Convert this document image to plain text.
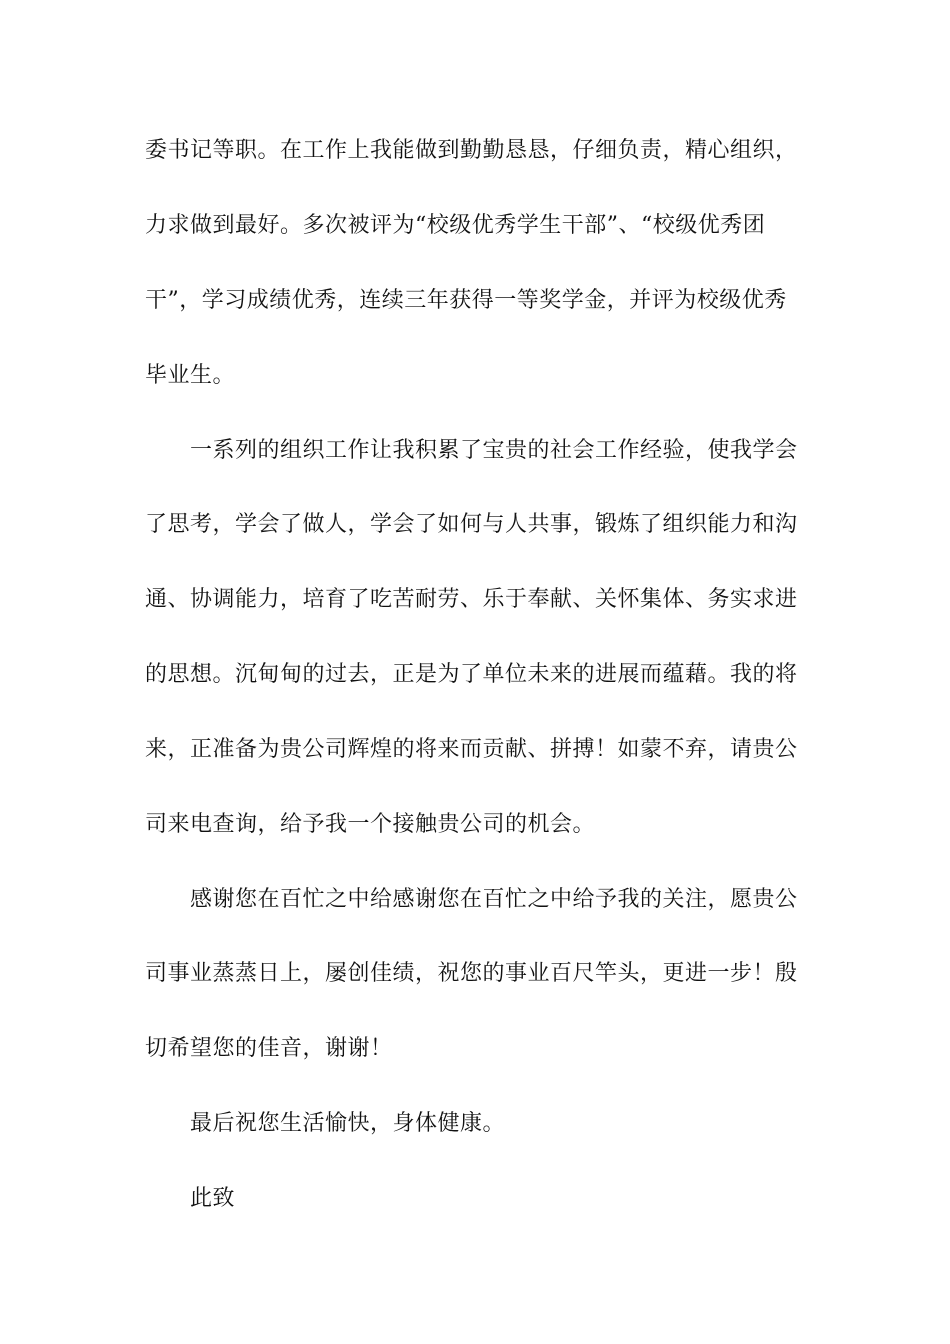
委书记等职。在工作上我能做到勤勤恳恳，仔细负责，精心组织，
力求做到最好。多次被评为“校级优秀学生干部”、“校级优秀团
干”，学习成绩优秀，连续三年获得一等奖学金，并评为校级优秀
毕业生。
一系列的组织工作让我积累了宝贵的社会工作经验，使我学会
了思考，学会了做人，学会了如何与人共事，锻炼了组织能力和沟
通、协调能力，培育了吃苦耐劳、乐于奉献、关怀集体、务实求进
的思想。沉甸甸的过去，正是为了单位未来的进展而蕴藉。我的将
来，正准备为贵公司辉煌的将来而贡献、拼搏！如蒙不弃，请贵公
司来电查询，给予我一个接触贵公司的机会。
感谢您在百忙之中给感谢您在百忙之中给予我的关注，愿贵公
司事业蒸蒸日上，屡创佳绩，祝您的事业百尺竿头，更进一步！殷
切希望您的佳音，谢谢！
最后祝您生活愉快，身体健康。
此致
